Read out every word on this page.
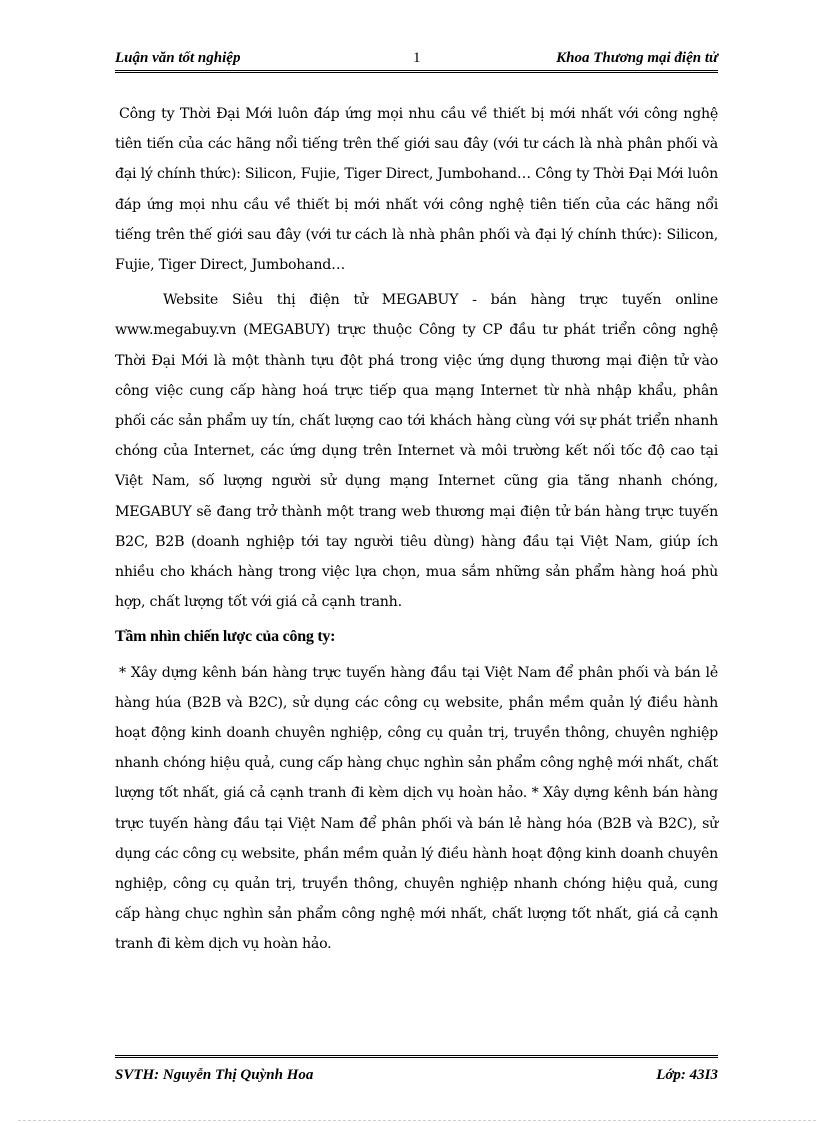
Luận văn tốt nghiệp	1	Khoa Thương mại điện tử

Công ty Thời Đại Mới luôn đáp ứng mọi nhu cầu về thiết bị mới nhất với công nghệ tiên tiến của các hãng nổi tiếng trên thế giới sau đây (với tư cách là nhà phân phối và đại lý chính thức): Silicon, Fujie, Tiger Direct, Jumbohand… Công ty Thời Đại Mới luôn đáp ứng mọi nhu cầu về thiết bị mới nhất với công nghệ tiên tiến của các hãng nổi tiếng trên thế giới sau đây (với tư cách là nhà phân phối và đại lý chính thức): Silicon, Fujie, Tiger Direct, Jumbohand…

Website Siêu thị điện tử MEGABUY - bán hàng trực tuyến online www.megabuy.vn (MEGABUY) trực thuộc Công ty CP đầu tư phát triển công nghệ Thời Đại Mới là một thành tựu đột phá trong việc ứng dụng thương mại điện tử vào công việc cung cấp hàng hoá trực tiếp qua mạng Internet từ nhà nhập khẩu, phân phối các sản phẩm uy tín, chất lượng cao tới khách hàng cùng với sự phát triển nhanh chóng của Internet, các ứng dụng trên Internet và môi trường kết nối tốc độ cao tại Việt Nam, số lượng người sử dụng mạng Internet cũng gia tăng nhanh chóng, MEGABUY sẽ đang trở thành một trang web thương mại điện tử bán hàng trực tuyến B2C, B2B (doanh nghiệp tới tay người tiêu dùng) hàng đầu tại Việt Nam, giúp ích nhiều cho khách hàng trong việc lựa chọn, mua sắm những sản phẩm hàng hoá phù hợp, chất lượng tốt với giá cả cạnh tranh.

Tầm nhìn chiến lược của công ty:

* Xây dựng kênh bán hàng trực tuyến hàng đầu tại Việt Nam để phân phối và bán lẻ hàng húa (B2B và B2C), sử dụng các công cụ website, phần mềm quản lý điều hành hoạt động kinh doanh chuyên nghiệp, công cụ quản trị, truyền thông, chuyên nghiệp nhanh chóng hiệu quả, cung cấp hàng chục nghìn sản phẩm công nghệ mới nhất, chất lượng tốt nhất, giá cả cạnh tranh đi kèm dịch vụ hoàn hảo. * Xây dựng kênh bán hàng trực tuyến hàng đầu tại Việt Nam để phân phối và bán lẻ hàng hóa (B2B và B2C), sử dụng các công cụ website, phần mềm quản lý điều hành hoạt động kinh doanh chuyên nghiệp, công cụ quản trị, truyền thông, chuyên nghiệp nhanh chóng hiệu quả, cung cấp hàng chục nghìn sản phẩm công nghệ mới nhất, chất lượng tốt nhất, giá cả cạnh tranh đi kèm dịch vụ hoàn hảo.

SVTH: Nguyễn Thị Quỳnh Hoa	Lớp: 43I3
